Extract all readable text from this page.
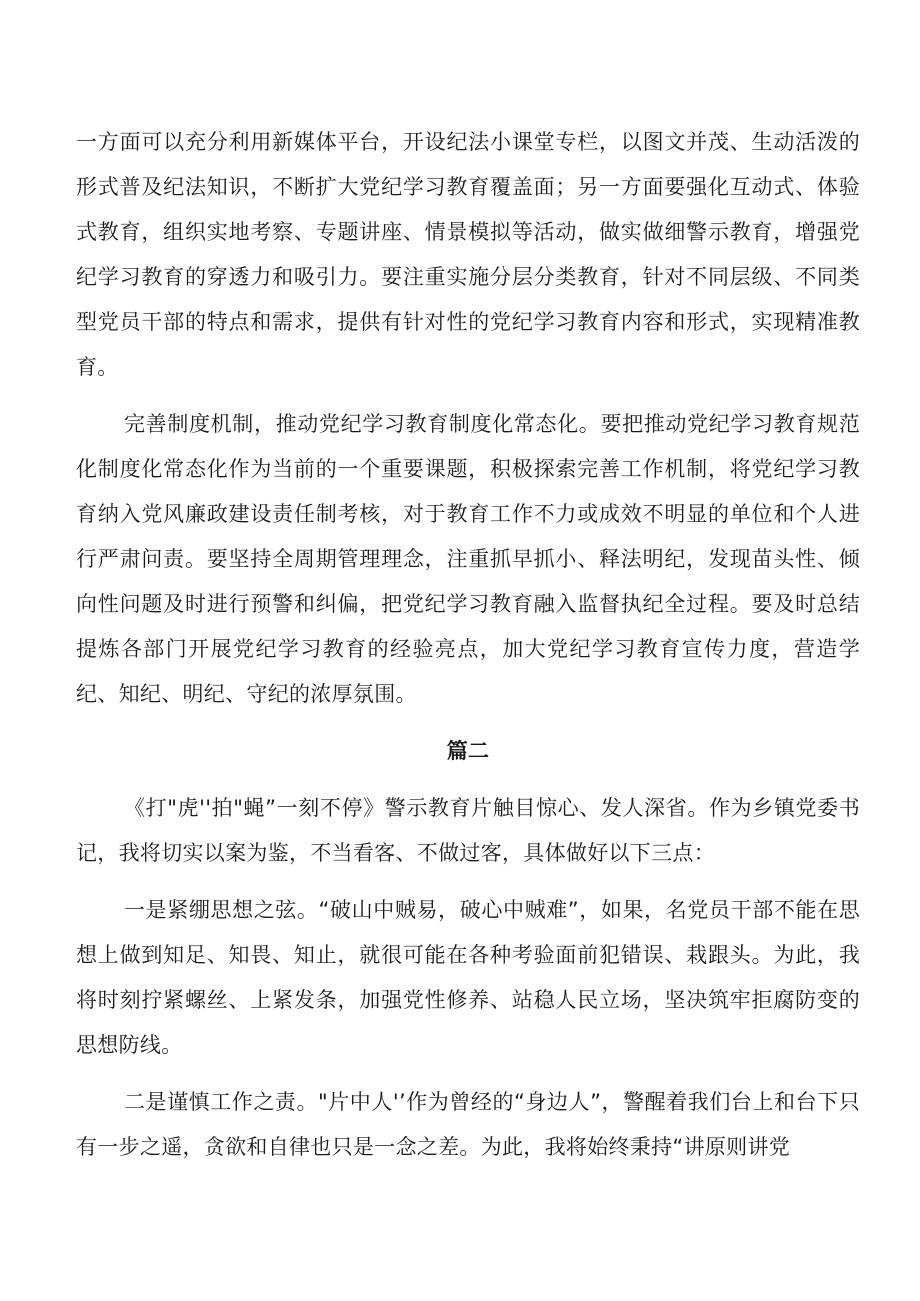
一方面可以充分利用新媒体平台，开设纪法小课堂专栏，以图文并茂、生动活泼的形式普及纪法知识，不断扩大党纪学习教育覆盖面；另一方面要强化互动式、体验式教育，组织实地考察、专题讲座、情景模拟等活动，做实做细警示教育，增强党纪学习教育的穿透力和吸引力。要注重实施分层分类教育，针对不同层级、不同类型党员干部的特点和需求，提供有针对性的党纪学习教育内容和形式，实现精准教育。

完善制度机制，推动党纪学习教育制度化常态化。要把推动党纪学习教育规范化制度化常态化作为当前的一个重要课题，积极探索完善工作机制，将党纪学习教育纳入党风廉政建设责任制考核，对于教育工作不力或成效不明显的单位和个人进行严肃问责。要坚持全周期管理理念，注重抓早抓小、释法明纪，发现苗头性、倾向性问题及时进行预警和纠偏，把党纪学习教育融入监督执纪全过程。要及时总结提炼各部门开展党纪学习教育的经验亮点，加大党纪学习教育宣传力度，营造学纪、知纪、明纪、守纪的浓厚氛围。

篇二

《打"虎''拍"蝇”一刻不停》警示教育片触目惊心、发人深省。作为乡镇党委书记，我将切实以案为鉴，不当看客、不做过客，具体做好以下三点：

一是紧绷思想之弦。“破山中贼易，破心中贼难”，如果，名党员干部不能在思想上做到知足、知畏、知止，就很可能在各种考验面前犯错误、栽跟头。为此，我将时刻拧紧螺丝、上紧发条，加强党性修养、站稳人民立场，坚决筑牢拒腐防变的思想防线。

二是谨慎工作之责。"片中人'’作为曾经的“身边人”，警醒着我们台上和台下只有一步之遥，贪欲和自律也只是一念之差。为此，我将始终秉持“讲原则讲党
